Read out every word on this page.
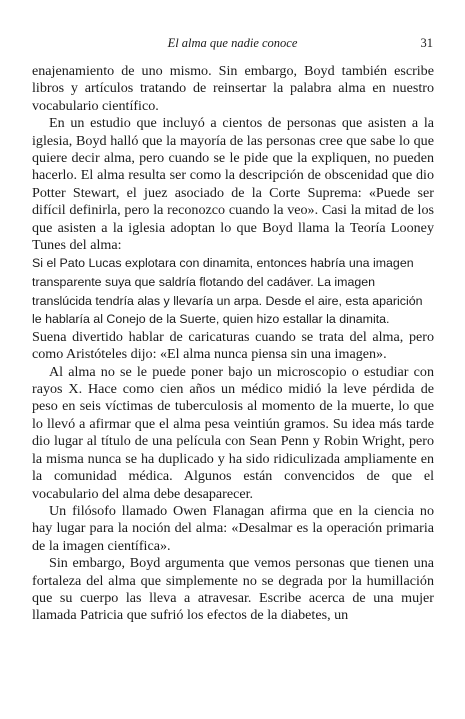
El alma que nadie conoce	31

enajenamiento de uno mismo. Sin embargo, Boyd también escribe libros y artículos tratando de reinsertar la palabra alma en nuestro vocabulario científico.

En un estudio que incluyó a cientos de personas que asisten a la iglesia, Boyd halló que la mayoría de las personas cree que sabe lo que quiere decir alma, pero cuando se le pide que la expliquen, no pueden hacerlo. El alma resulta ser como la descripción de obscenidad que dio Potter Stewart, el juez asociado de la Corte Suprema: «Puede ser difícil definirla, pero la reconozco cuando la veo». Casi la mitad de los que asisten a la iglesia adoptan lo que Boyd llama la Teoría Looney Tunes del alma:

Si el Pato Lucas explotara con dinamita, entonces habría una imagen transparente suya que saldría flotando del cadáver. La imagen translúcida tendría alas y llevaría un arpa. Desde el aire, esta aparición le hablaría al Conejo de la Suerte, quien hizo estallar la dinamita.

Suena divertido hablar de caricaturas cuando se trata del alma, pero como Aristóteles dijo: «El alma nunca piensa sin una imagen».

Al alma no se le puede poner bajo un microscopio o estudiar con rayos X. Hace como cien años un médico midió la leve pérdida de peso en seis víctimas de tuberculosis al momento de la muerte, lo que lo llevó a afirmar que el alma pesa veintiún gramos. Su idea más tarde dio lugar al título de una película con Sean Penn y Robin Wright, pero la misma nunca se ha duplicado y ha sido ridiculizada ampliamente en la comunidad médica. Algunos están convencidos de que el vocabulario del alma debe desaparecer.

Un filósofo llamado Owen Flanagan afirma que en la ciencia no hay lugar para la noción del alma: «Desalmar es la operación primaria de la imagen científica».

Sin embargo, Boyd argumenta que vemos personas que tienen una fortaleza del alma que simplemente no se degrada por la humillación que su cuerpo las lleva a atravesar. Escribe acerca de una mujer llamada Patricia que sufrió los efectos de la diabetes, un
